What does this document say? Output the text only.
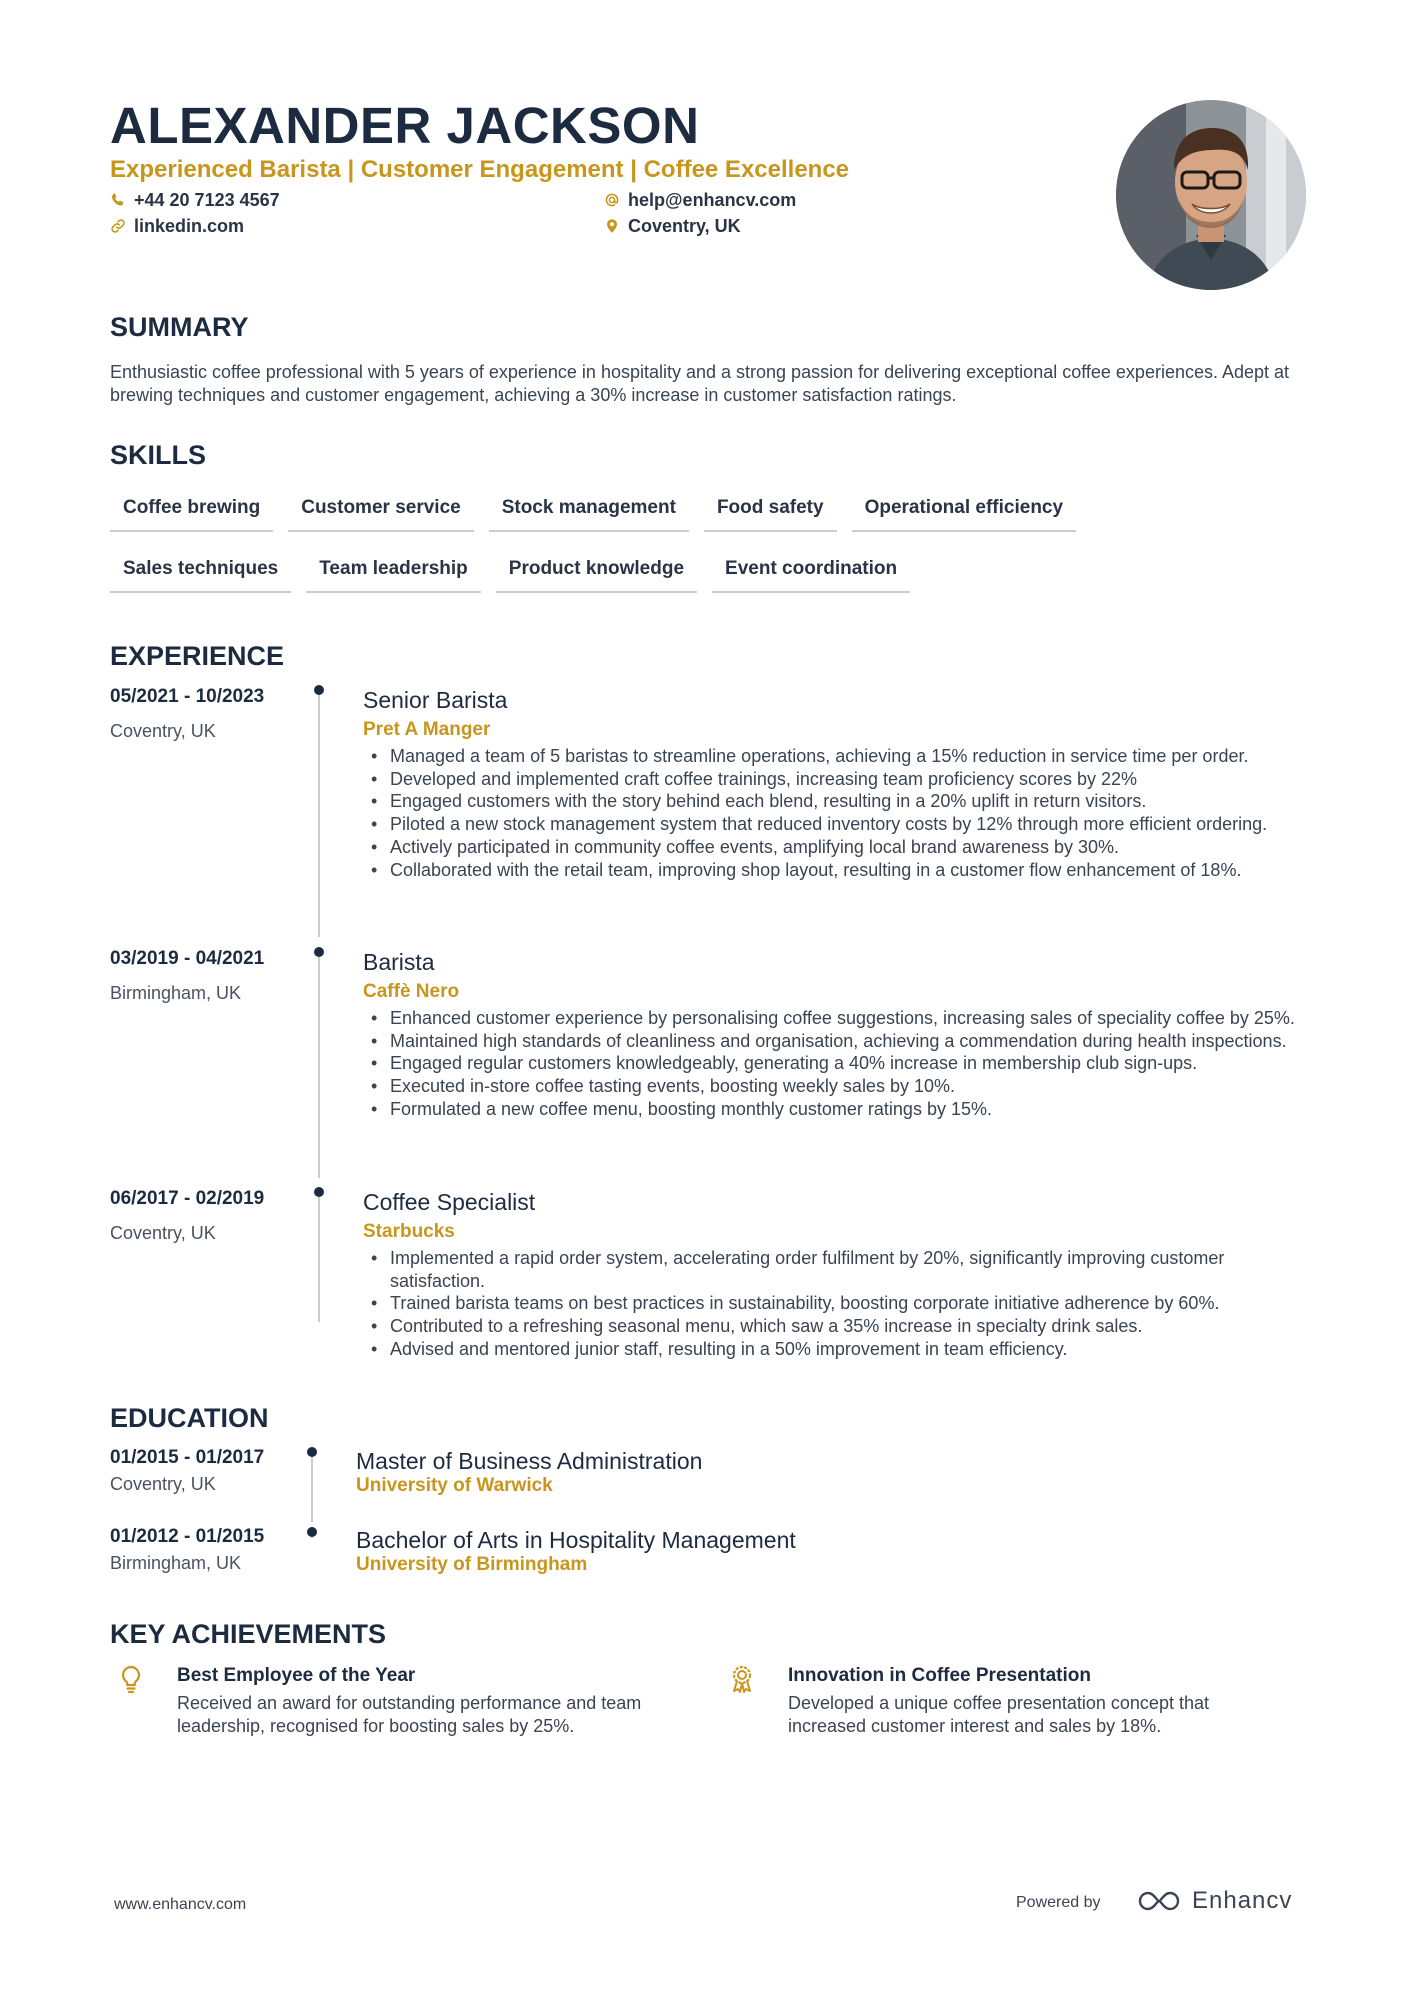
ALEXANDER JACKSON
Experienced Barista | Customer Engagement | Coffee Excellence
+44 20 7123 4567	help@enhancv.com
linkedin.com	Coventry, UK
SUMMARY
Enthusiastic coffee professional with 5 years of experience in hospitality and a strong passion for delivering exceptional coffee experiences. Adept at brewing techniques and customer engagement, achieving a 30% increase in customer satisfaction ratings.
SKILLS
Coffee brewing	Customer service	Stock management	Food safety	Operational efficiency
Sales techniques	Team leadership	Product knowledge	Event coordination
EXPERIENCE
05/2021 - 10/2023
Coventry, UK
Senior Barista
Pret A Manger
• Managed a team of 5 baristas to streamline operations, achieving a 15% reduction in service time per order.
• Developed and implemented craft coffee trainings, increasing team proficiency scores by 22%
• Engaged customers with the story behind each blend, resulting in a 20% uplift in return visitors.
• Piloted a new stock management system that reduced inventory costs by 12% through more efficient ordering.
• Actively participated in community coffee events, amplifying local brand awareness by 30%.
• Collaborated with the retail team, improving shop layout, resulting in a customer flow enhancement of 18%.
03/2019 - 04/2021
Birmingham, UK
Barista
Caffè Nero
• Enhanced customer experience by personalising coffee suggestions, increasing sales of speciality coffee by 25%.
• Maintained high standards of cleanliness and organisation, achieving a commendation during health inspections.
• Engaged regular customers knowledgeably, generating a 40% increase in membership club sign-ups.
• Executed in-store coffee tasting events, boosting weekly sales by 10%.
• Formulated a new coffee menu, boosting monthly customer ratings by 15%.
06/2017 - 02/2019
Coventry, UK
Coffee Specialist
Starbucks
• Implemented a rapid order system, accelerating order fulfilment by 20%, significantly improving customer satisfaction.
• Trained barista teams on best practices in sustainability, boosting corporate initiative adherence by 60%.
• Contributed to a refreshing seasonal menu, which saw a 35% increase in specialty drink sales.
• Advised and mentored junior staff, resulting in a 50% improvement in team efficiency.
EDUCATION
01/2015 - 01/2017
Coventry, UK
Master of Business Administration
University of Warwick
01/2012 - 01/2015
Birmingham, UK
Bachelor of Arts in Hospitality Management
University of Birmingham
KEY ACHIEVEMENTS
Best Employee of the Year
Received an award for outstanding performance and team leadership, recognised for boosting sales by 25%.
Innovation in Coffee Presentation
Developed a unique coffee presentation concept that increased customer interest and sales by 18%.
www.enhancv.com	Powered by	Enhancv
